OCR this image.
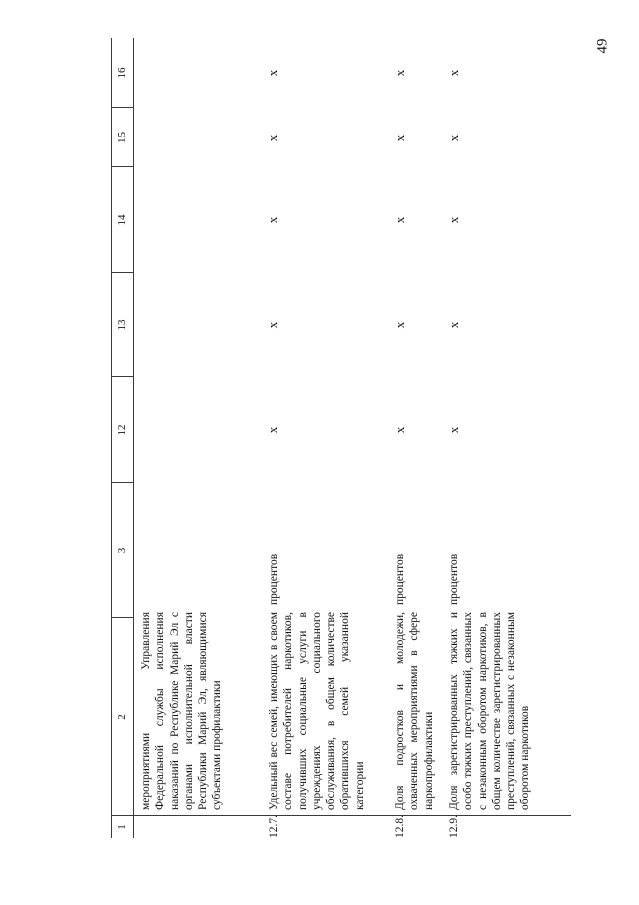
49
1
2
3
12
13
14
15
16
мероприятиями Управления Федеральной службы исполнения наказаний по Республике Марий Эл с органами исполнительной власти Республики Марий Эл, являющимися субъектами профилактики
12.7.
Удельный вес семей, имеющих в своем составе потребителей наркотиков, получивших социальные услуги в учреждениях социального обслуживания, в общем количестве обратившихся семей указанной категории
процентов
x
x
x
x
x
12.8.
Доля подростков и молодежи, охваченных мероприятиями в сфере наркопрофилактики
процентов
x
x
x
x
x
12.9.
Доля зарегистрированных тяжких и особо тяжких преступлений, связанных с незаконным оборотом наркотиков, в общем количестве зарегистрированных преступлений, связанных с незаконным оборотом наркотиков
процентов
x
x
x
x
x
